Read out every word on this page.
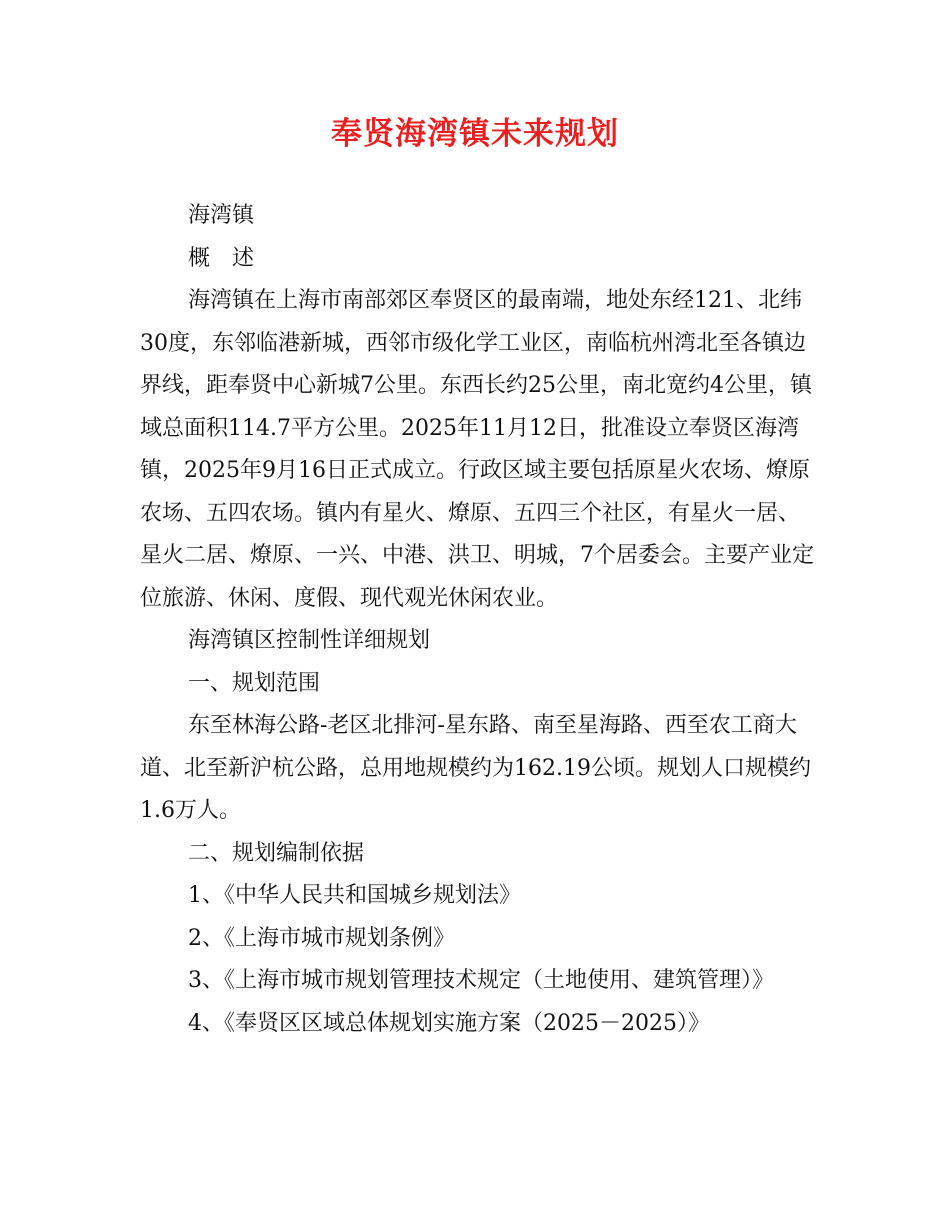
奉贤海湾镇未来规划

海湾镇

概　述

海湾镇在上海市南部郊区奉贤区的最南端，地处东经121、北纬30度，东邻临港新城，西邻市级化学工业区，南临杭州湾北至各镇边界线，距奉贤中心新城7公里。东西长约25公里，南北宽约4公里，镇域总面积114.7平方公里。2025年11月12日，批准设立奉贤区海湾镇，2025年9月16日正式成立。行政区域主要包括原星火农场、燎原农场、五四农场。镇内有星火、燎原、五四三个社区，有星火一居、星火二居、燎原、一兴、中港、洪卫、明城，7个居委会。主要产业定位旅游、休闲、度假、现代观光休闲农业。

海湾镇区控制性详细规划

一、规划范围

东至林海公路-老区北排河-星东路、南至星海路、西至农工商大道、北至新沪杭公路，总用地规模约为162.19公顷。规划人口规模约1.6万人。

二、规划编制依据

1、《中华人民共和国城乡规划法》

2、《上海市城市规划条例》

3、《上海市城市规划管理技术规定（土地使用、建筑管理）》

4、《奉贤区区域总体规划实施方案（2025－2025）》
